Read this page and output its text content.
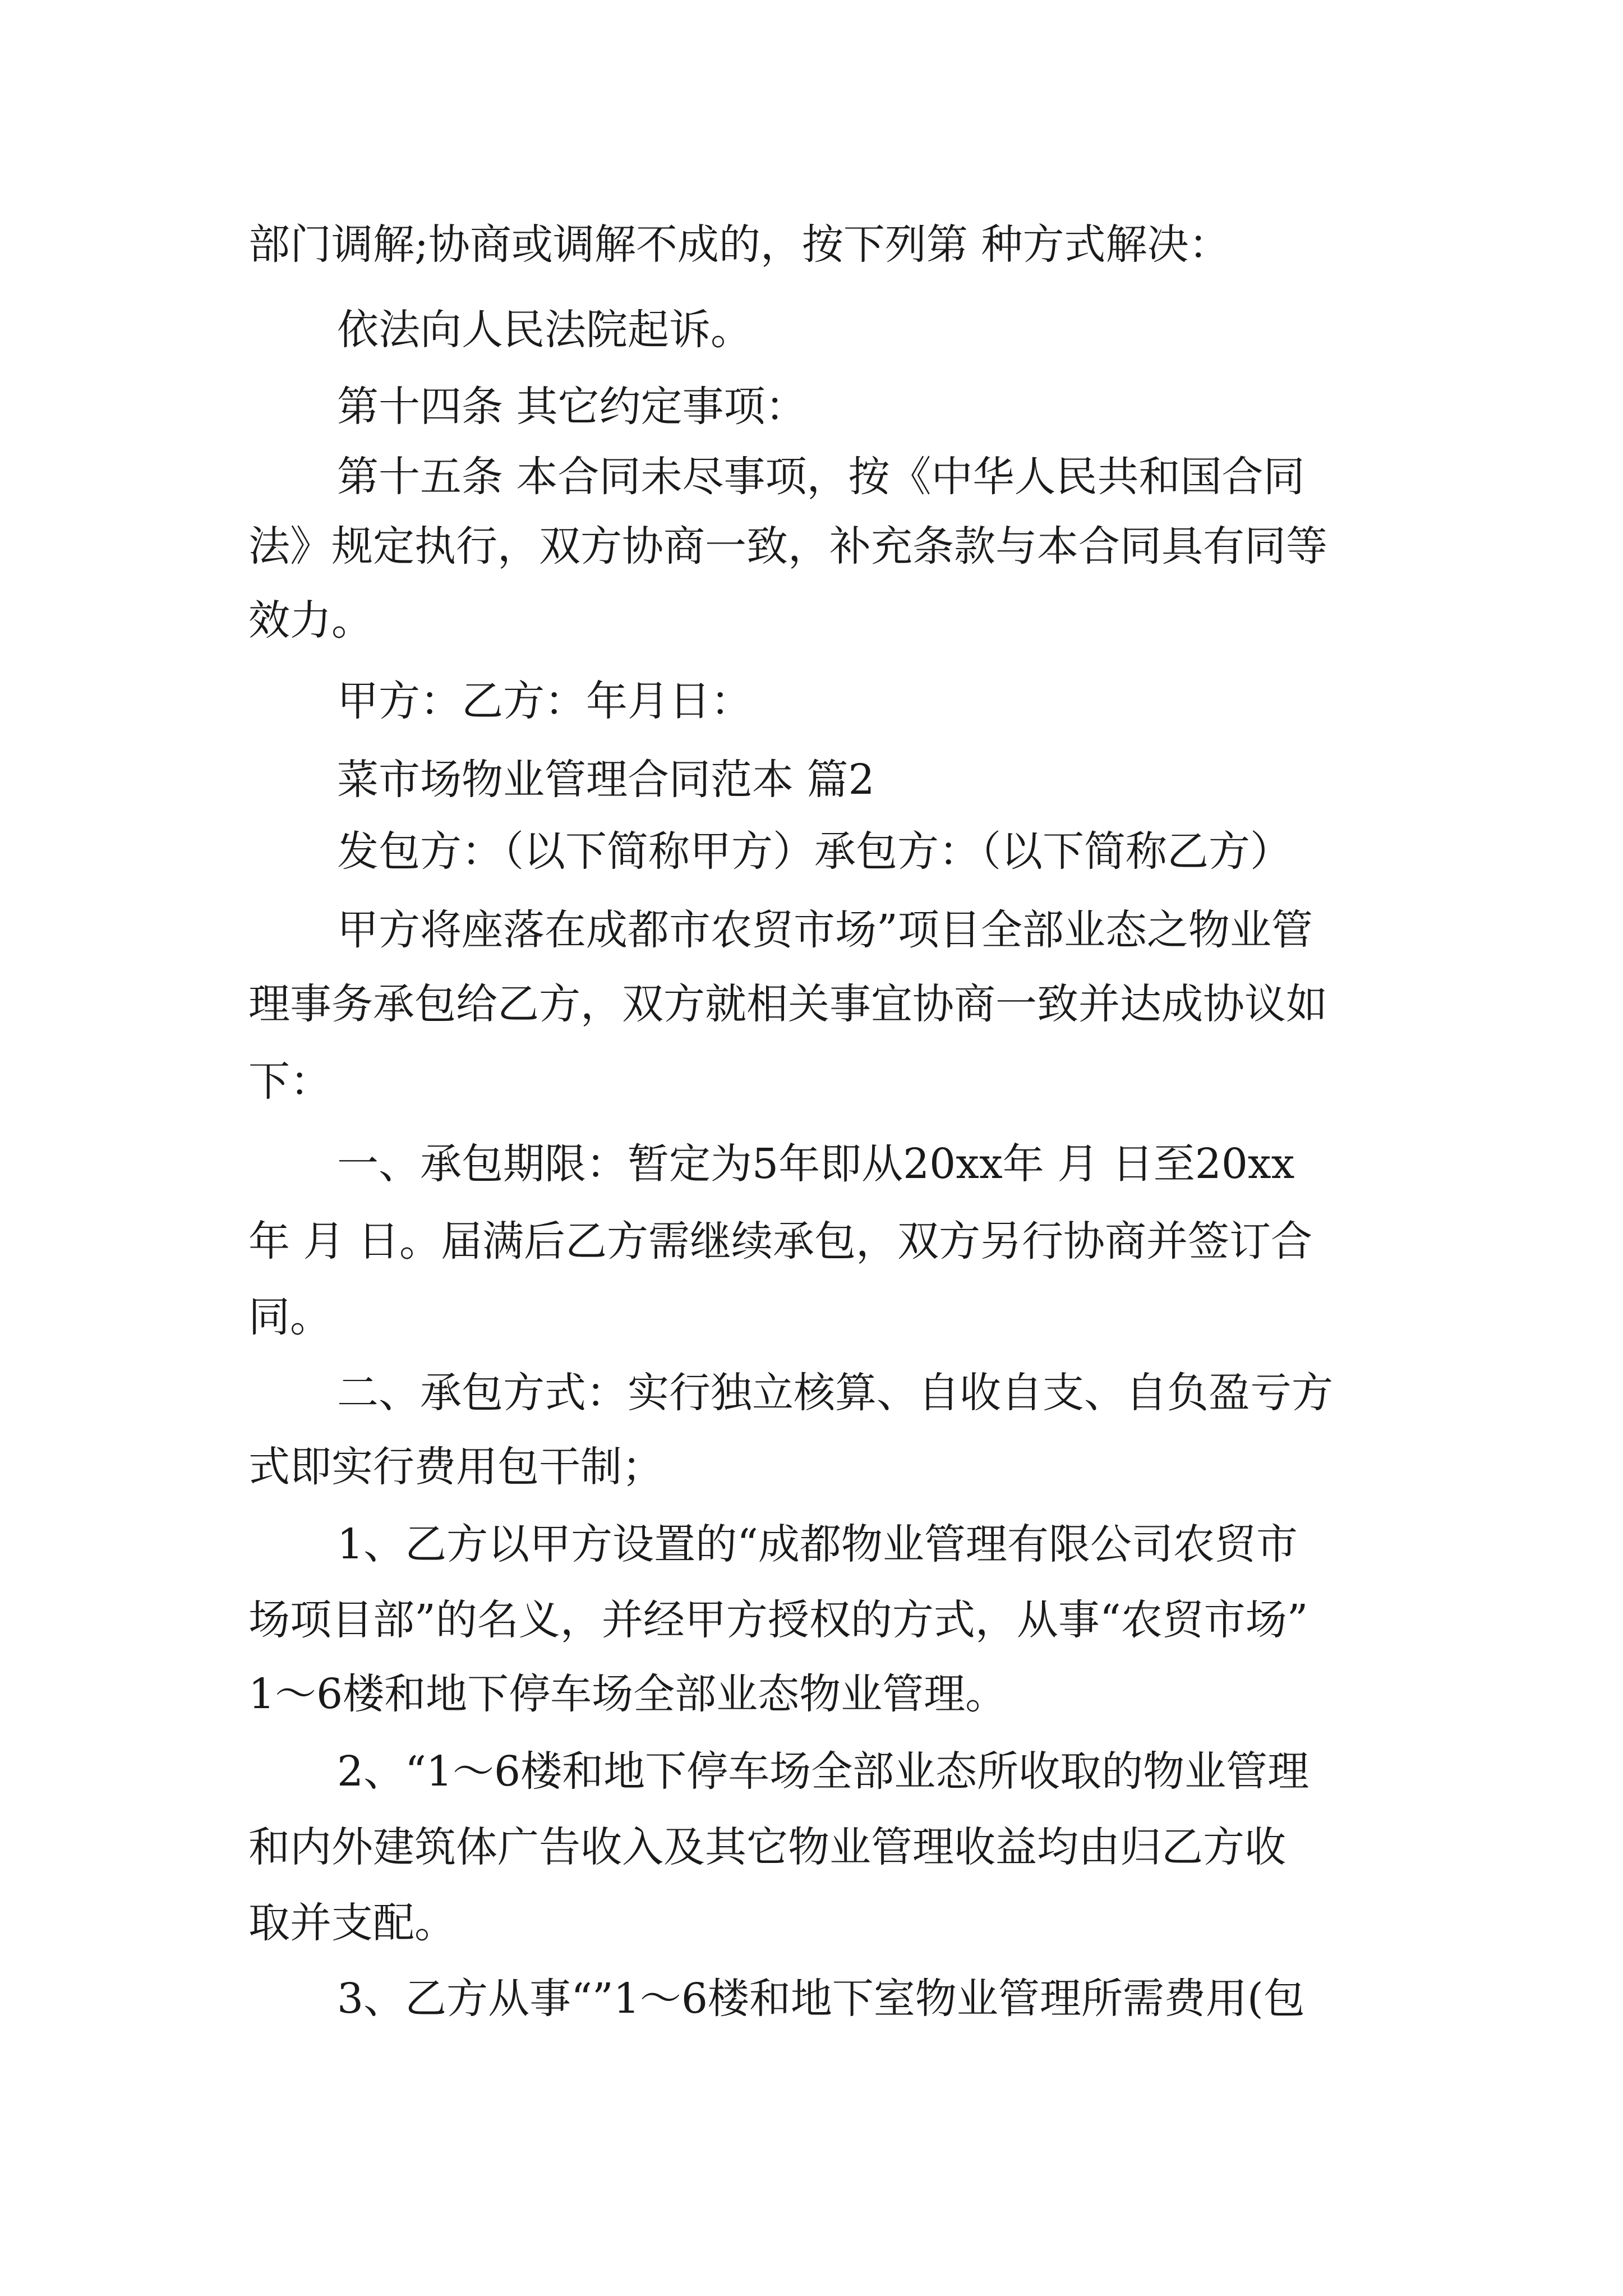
部门调解;协商或调解不成的，按下列第 种方式解决：

依法向人民法院起诉。

第十四条 其它约定事项：

第十五条 本合同未尽事项，按《中华人民共和国合同

法》规定执行，双方协商一致，补充条款与本合同具有同等

效力。

甲方：乙方：年月日：

菜市场物业管理合同范本 篇2

发包方：（以下简称甲方）承包方：（以下简称乙方）

甲方将座落在成都市农贸市场”项目全部业态之物业管

理事务承包给乙方，双方就相关事宜协商一致并达成协议如

下：

一、承包期限：暂定为5年即从20xx年 月 日至20xx

年 月 日。届满后乙方需继续承包，双方另行协商并签订合

同。

二、承包方式：实行独立核算、自收自支、自负盈亏方

式即实行费用包干制；

1、乙方以甲方设置的“成都物业管理有限公司农贸市

场项目部”的名义，并经甲方授权的方式，从事“农贸市场”

1～6楼和地下停车场全部业态物业管理。

2、“1～6楼和地下停车场全部业态所收取的物业管理

和内外建筑体广告收入及其它物业管理收益均由归乙方收

取并支配。

3、乙方从事“”1～6楼和地下室物业管理所需费用(包
